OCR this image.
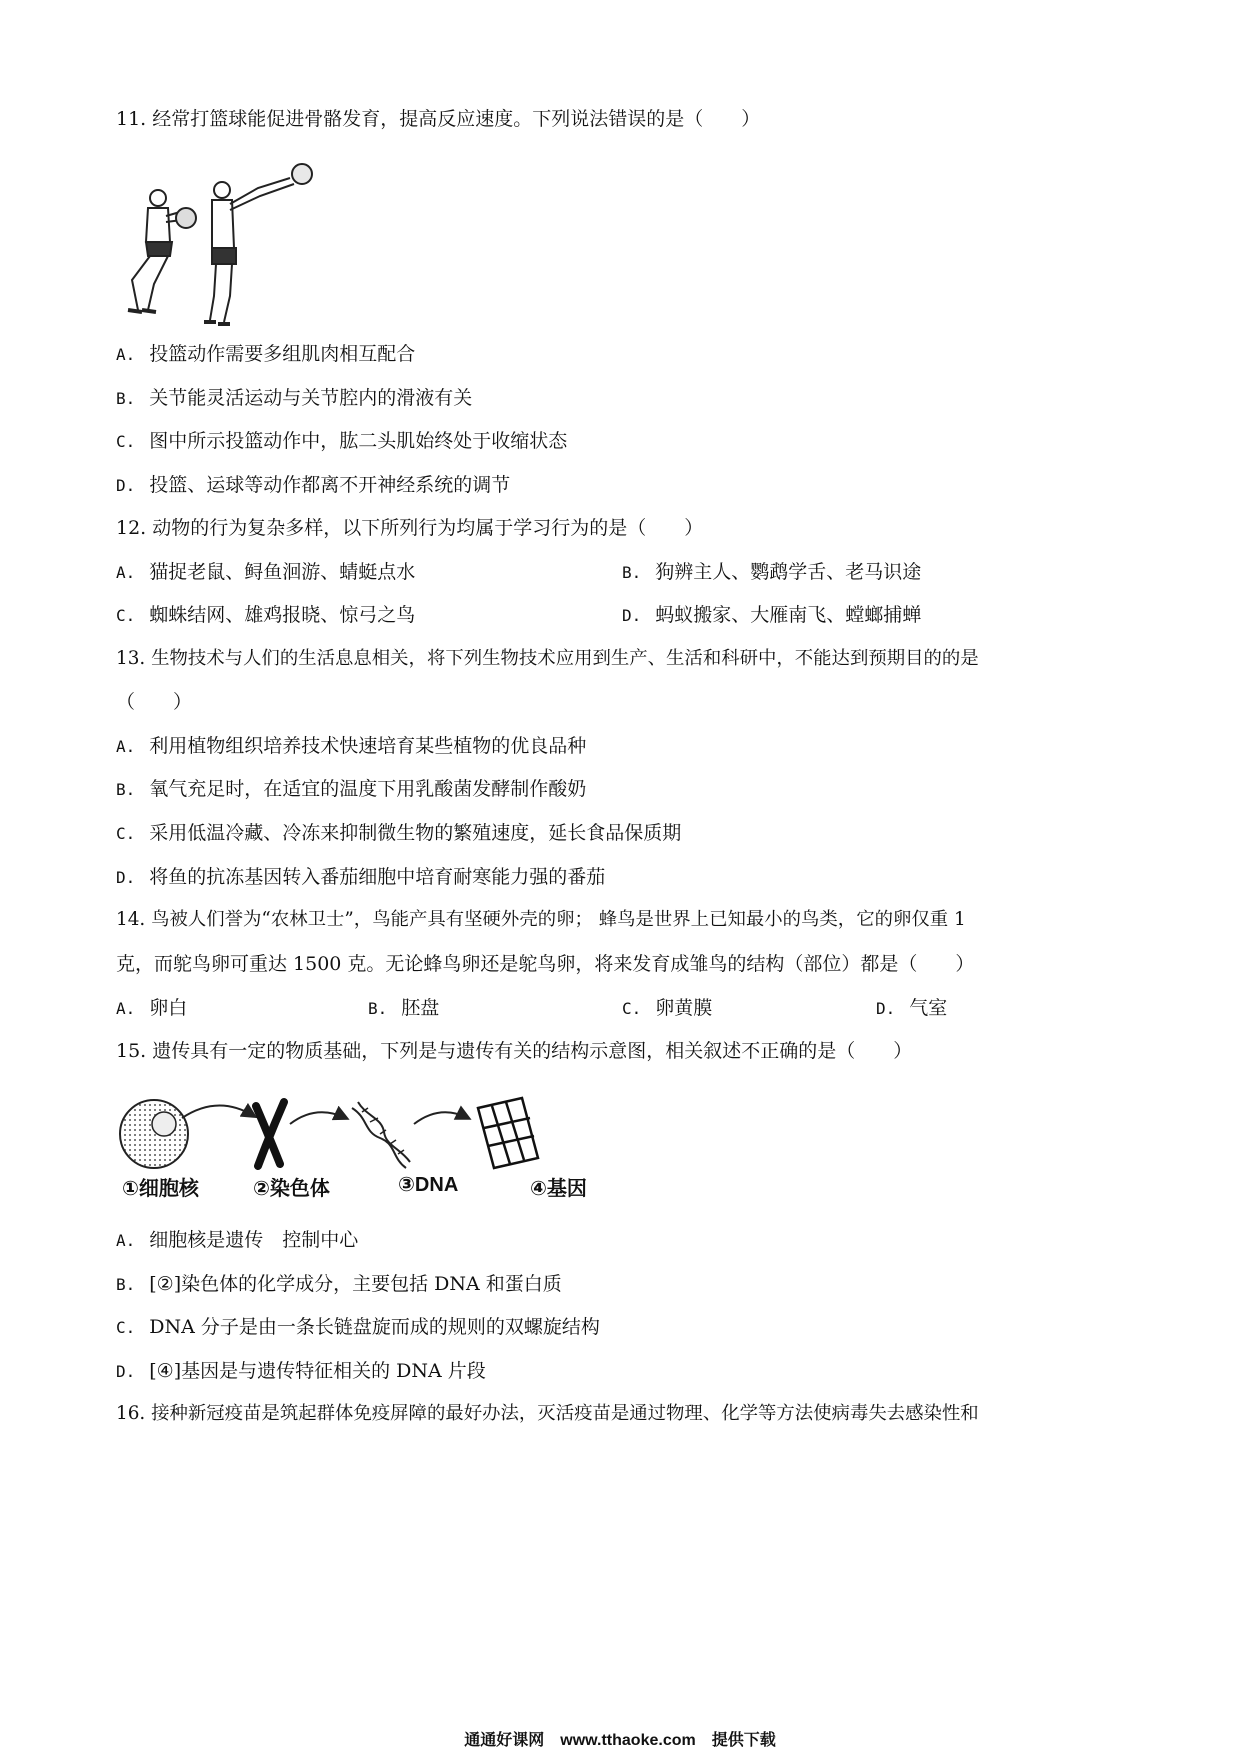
11. 经常打篮球能促进骨骼发育，提高反应速度。下列说法错误的是（　　）
A. 投篮动作需要多组肌肉相互配合
B. 关节能灵活运动与关节腔内的滑液有关
C. 图中所示投篮动作中，肱二头肌始终处于收缩状态
D. 投篮、运球等动作都离不开神经系统的调节
12. 动物的行为复杂多样，以下所列行为均属于学习行为的是（　　）
A. 猫捉老鼠、鲟鱼洄游、蜻蜓点水	B. 狗辨主人、鹦鹉学舌、老马识途
C. 蜘蛛结网、雄鸡报晓、惊弓之鸟	D. 蚂蚁搬家、大雁南飞、螳螂捕蝉
13. 生物技术与人们的生活息息相关，将下列生物技术应用到生产、生活和科研中，不能达到预期目的的是
（　　）
A. 利用植物组织培养技术快速培育某些植物的优良品种
B. 氧气充足时，在适宜的温度下用乳酸菌发酵制作酸奶
C. 采用低温冷藏、冷冻来抑制微生物的繁殖速度，延长食品保质期
D. 将鱼的抗冻基因转入番茄细胞中培育耐寒能力强的番茄
14. 鸟被人们誉为“农林卫士”，鸟能产具有坚硬外壳的卵； 蜂鸟是世界上已知最小的鸟类，它的卵仅重 1
克，而鸵鸟卵可重达 1500 克。无论蜂鸟卵还是鸵鸟卵，将来发育成雏鸟的结构（部位）都是（　　）
A. 卵白	B. 胚盘	C. 卵黄膜	D. 气室
15. 遗传具有一定的物质基础，下列是与遗传有关的结构示意图，相关叙述不正确的是（　　）
①细胞核	②染色体	③DNA	④基因
A. 细胞核是遗传　控制中心
B. [②]染色体的化学成分，主要包括 DNA 和蛋白质
C. DNA 分子是由一条长链盘旋而成的规则的双螺旋结构
D. [④]基因是与遗传特征相关的 DNA 片段
16. 接种新冠疫苗是筑起群体免疫屏障的最好办法，灭活疫苗是通过物理、化学等方法使病毒失去感染性和
通通好课网　www.tthaoke.com　提供下载
